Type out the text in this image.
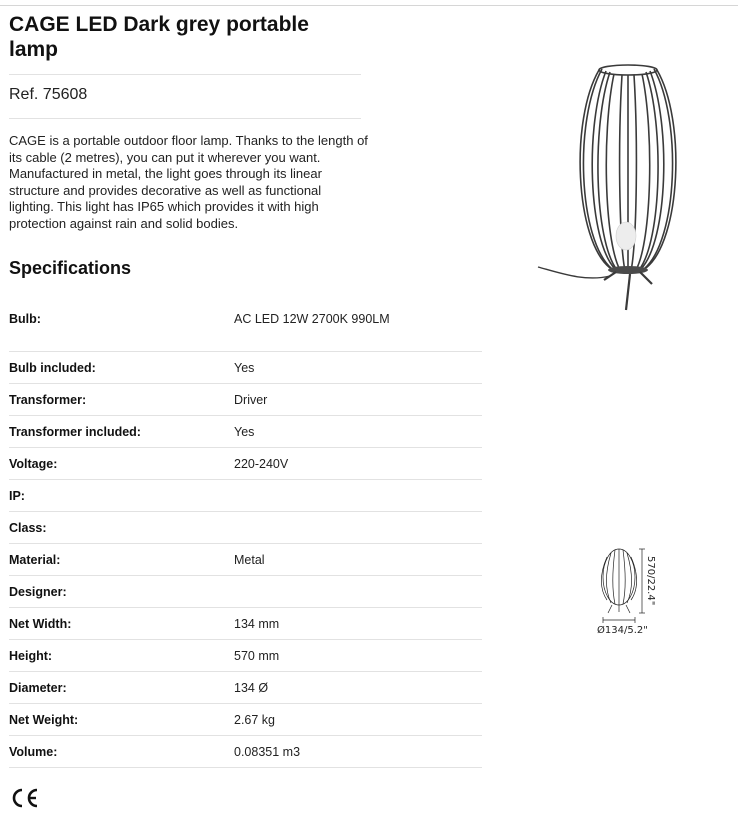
CAGE LED Dark grey portable lamp
Ref. 75608
CAGE is a portable outdoor floor lamp. Thanks to the length of its cable (2 metres), you can put it wherever you want. Manufactured in metal, the light goes through its linear structure and provides decorative as well as functional lighting. This light has IP65 which provides it with high protection against rain and solid bodies.
Specifications
Bulb:	AC LED 12W 2700K 990LM
Bulb included:	Yes
Transformer:	Driver
Transformer included:	Yes
Voltage:	220-240V
IP:
Class:
Material:	Metal
Designer:
Net Width:	134 mm
Height:	570 mm
Diameter:	134 Ø
Net Weight:	2.67 kg
Volume:	0.08351 m3
570/22.4"
Ø134/5.2"
